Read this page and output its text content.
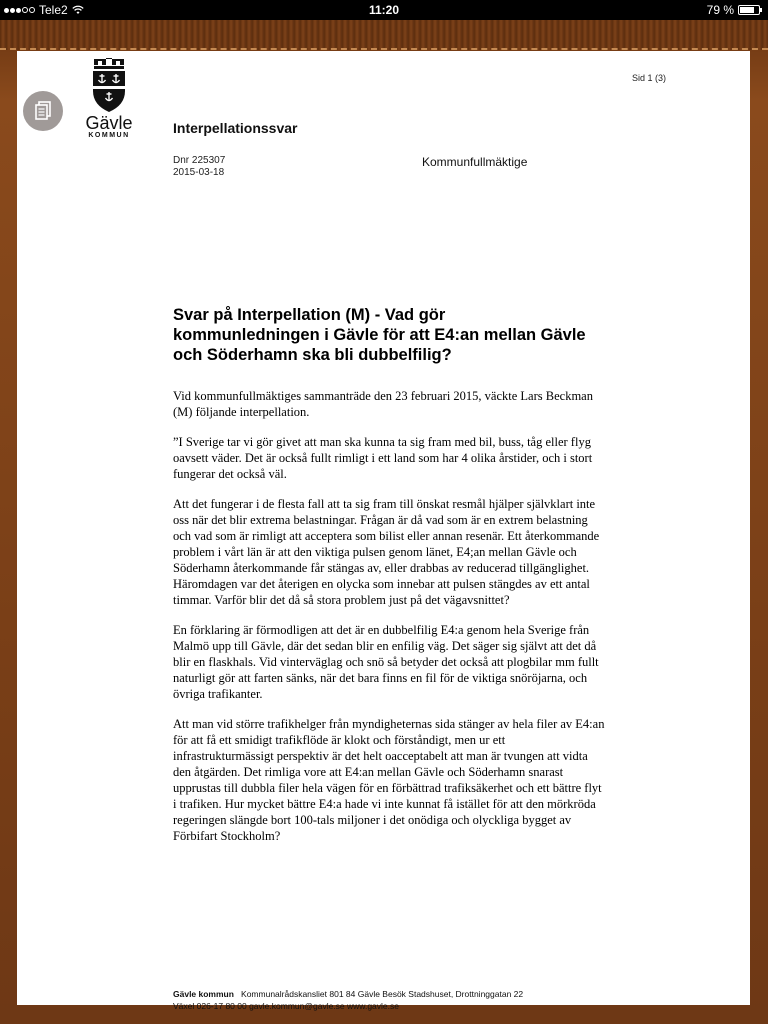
Tele2	11:20	79 %
Gävle
KOMMUN
Sid 1 (3)
Interpellationssvar
Dnr 225307
2015-03-18
Kommunfullmäktige
Svar på Interpellation (M) - Vad gör kommunledningen i Gävle för att E4:an mellan Gävle och Söderhamn ska bli dubbelfilig?

Vid kommunfullmäktiges sammanträde den 23 februari 2015, väckte Lars Beckman (M) följande interpellation.

”I Sverige tar vi gör givet att man ska kunna ta sig fram med bil, buss, tåg eller flyg oavsett väder. Det är också fullt rimligt i ett land som har 4 olika årstider, och i stort fungerar det också väl.

Att det fungerar i de flesta fall att ta sig fram till önskat resmål hjälper självklart inte oss när det blir extrema belastningar. Frågan är då vad som är en extrem belastning och vad som är rimligt att acceptera som bilist eller annan resenär. Ett återkommande problem i vårt län är att den viktiga pulsen genom länet, E4;an mellan Gävle och Söderhamn återkommande får stängas av, eller drabbas av reducerad tillgänglighet. Häromdagen var det återigen en olycka som innebar att pulsen stängdes av ett antal timmar. Varför blir det då så stora problem just på det vägavsnittet?

En förklaring är förmodligen att det är en dubbelfilig E4:a genom hela Sverige från Malmö upp till Gävle, där det sedan blir en enfilig väg. Det säger sig självt att det då blir en flaskhals. Vid vinterväglag och snö så betyder det också att plogbilar mm fullt naturligt gör att farten sänks, när det bara finns en fil för de viktiga snöröjarna, och övriga trafikanter.

Att man vid större trafikhelger från myndigheternas sida stänger av hela filer av E4:an för att få ett smidigt trafikflöde är klokt och förståndigt, men ur ett infrastrukturmässigt perspektiv är det helt oacceptabelt att man är tvungen att vidta den åtgärden. Det rimliga vore att E4:an mellan Gävle och Söderhamn snarast upprustas till dubbla filer hela vägen för en förbättrad trafiksäkerhet och ett bättre flyt i trafiken. Hur mycket bättre E4:a hade vi inte kunnat få istället för att den mörkröda regeringen slängde bort 100-tals miljoner i det onödiga och olyckliga bygget av Förbifart Stockholm?

Gävle kommun Kommunalrådskansliet 801 84 Gävle Besök Stadshuset, Drottninggatan 22
Växel 026-17 80 00 gavle.kommun@gavle.se www.gavle.se
